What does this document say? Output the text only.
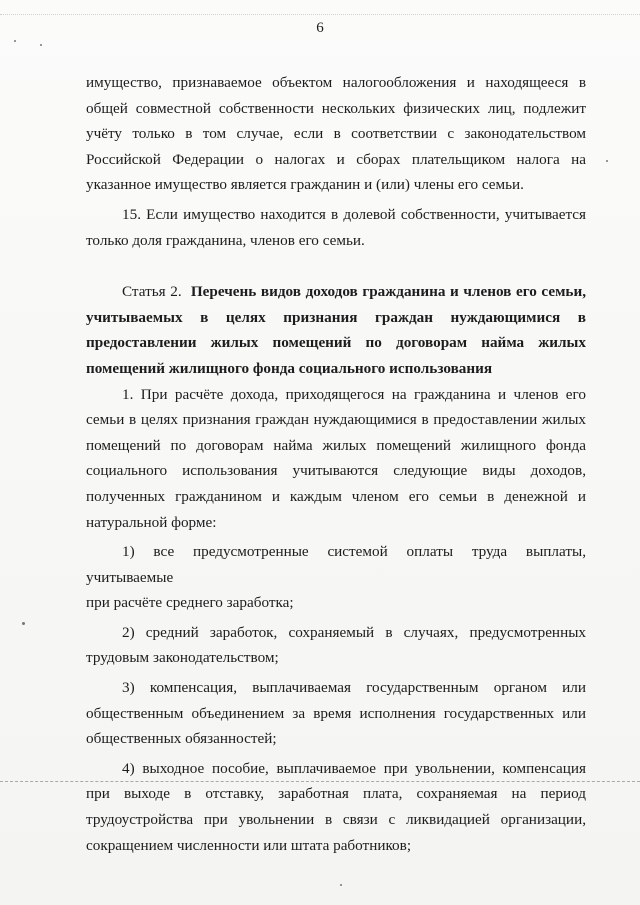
6

имущество, признаваемое объектом налогообложения и находящееся в

общей совместной собственности нескольких физических лиц, подлежит

учёту только в том случае, если в соответствии с законодательством

Российской Федерации о налогах и сборах плательщиком налога на

указанное имущество является гражданин и (или) члены его семьи.

15. Если имущество находится в долевой собственности, учитывается

только доля гражданина, членов его семьи.

Статья 2. Перечень видов доходов гражданина и членов его семьи,

учитываемых в целях признания граждан нуждающимися в

предоставлении жилых помещений по договорам найма жилых

помещений жилищного фонда социального использования

1. При расчёте дохода, приходящегося на гражданина и членов его

семьи в целях признания граждан нуждающимися в предоставлении жилых

помещений по договорам найма жилых помещений жилищного фонда

социального использования учитываются следующие виды доходов,

полученных гражданином и каждым членом его семьи в денежной и

натуральной форме:

1) все предусмотренные системой оплаты труда выплаты, учитываемые

при расчёте среднего заработка;

2) средний заработок, сохраняемый в случаях, предусмотренных

трудовым законодательством;

3) компенсация, выплачиваемая государственным органом или

общественным объединением за время исполнения государственных или

общественных обязанностей;

4) выходное пособие, выплачиваемое при увольнении, компенсация

при выходе в отставку, заработная плата, сохраняемая на период

трудоустройства при увольнении в связи с ликвидацией организации,

сокращением численности или штата работников;
